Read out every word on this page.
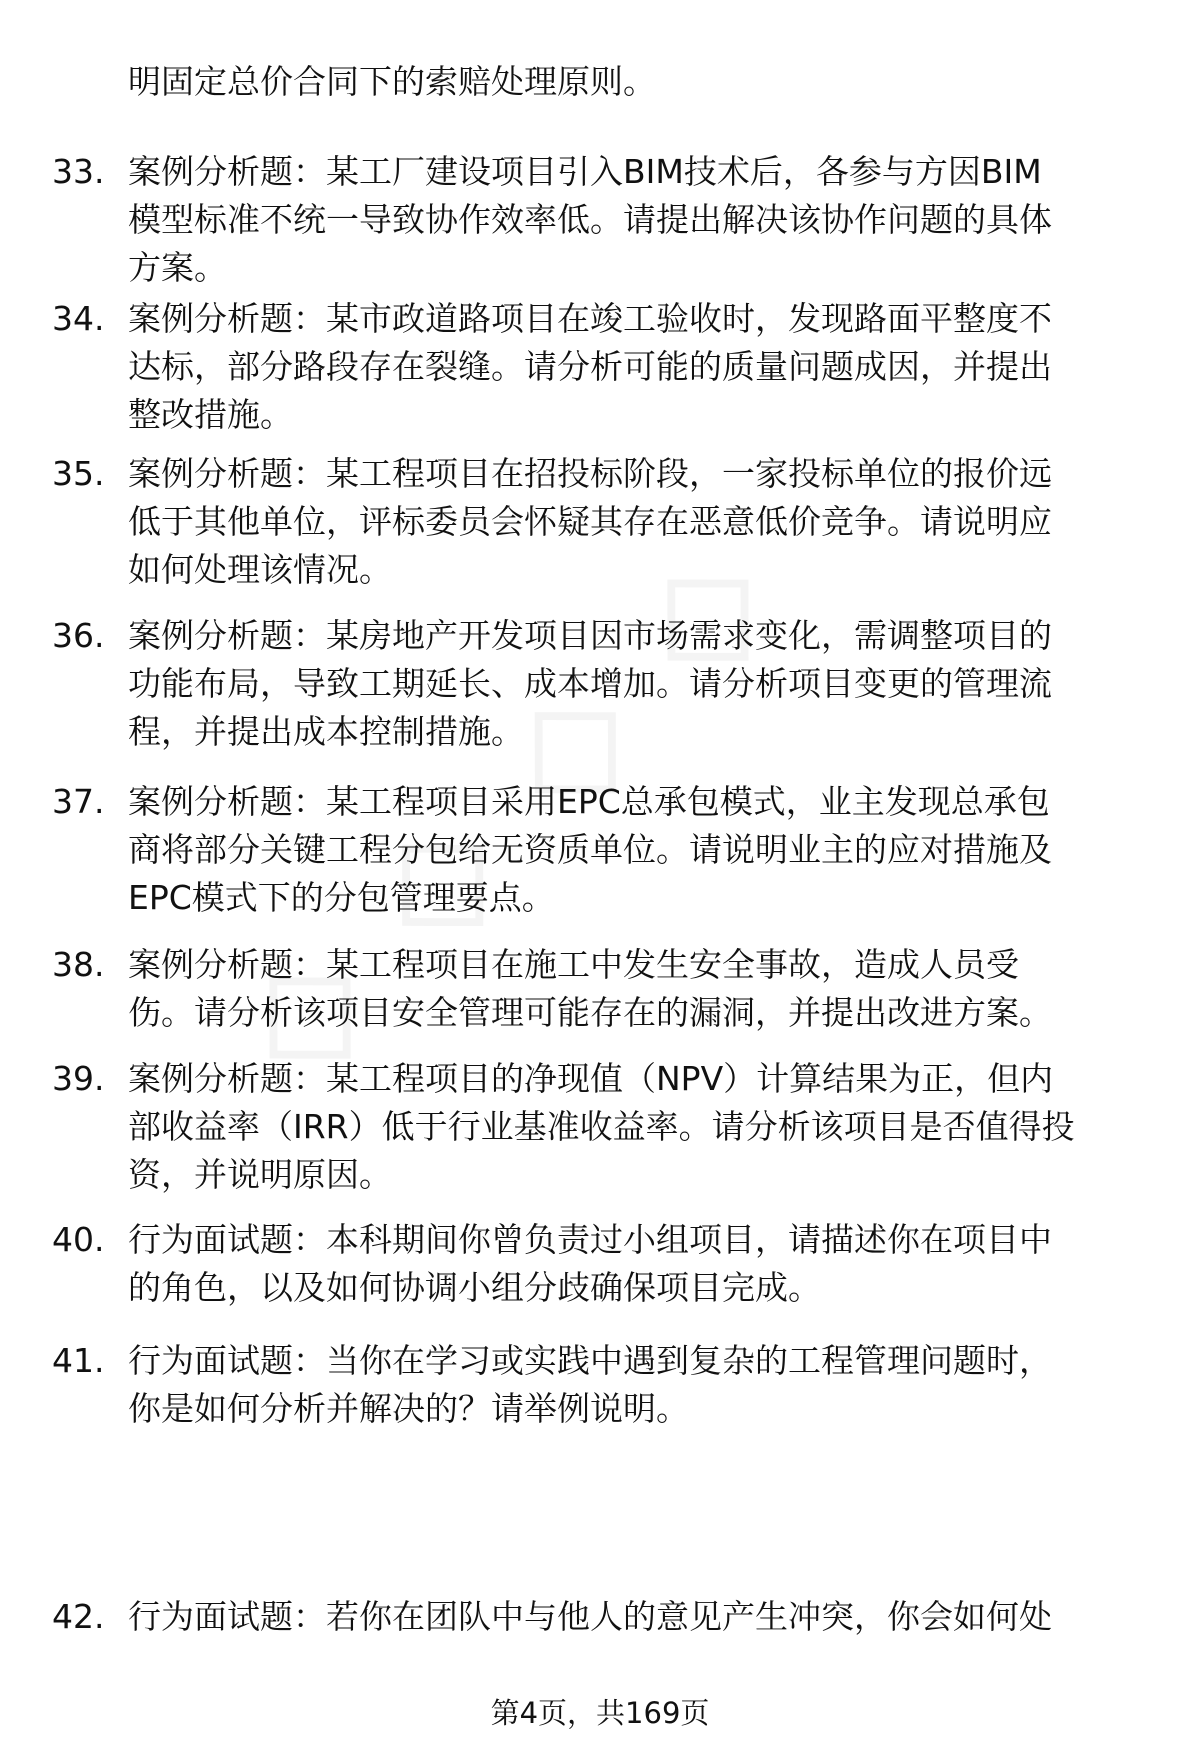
明固定总价合同下的索赔处理原则。
33. 案例分析题：某工厂建设项目引入BIM技术后，各参与方因BIM
模型标准不统一导致协作效率低。请提出解决该协作问题的具体
方案。
34. 案例分析题：某市政道路项目在竣工验收时，发现路面平整度不
达标，部分路段存在裂缝。请分析可能的质量问题成因，并提出
整改措施。
35. 案例分析题：某工程项目在招投标阶段，一家投标单位的报价远
低于其他单位，评标委员会怀疑其存在恶意低价竞争。请说明应
如何处理该情况。
36. 案例分析题：某房地产开发项目因市场需求变化，需调整项目的
功能布局，导致工期延长、成本增加。请分析项目变更的管理流
程，并提出成本控制措施。
37. 案例分析题：某工程项目采用EPC总承包模式，业主发现总承包
商将部分关键工程分包给无资质单位。请说明业主的应对措施及
EPC模式下的分包管理要点。
38. 案例分析题：某工程项目在施工中发生安全事故，造成人员受
伤。请分析该项目安全管理可能存在的漏洞，并提出改进方案。
39. 案例分析题：某工程项目的净现值（NPV）计算结果为正，但内
部收益率（IRR）低于行业基准收益率。请分析该项目是否值得投
资，并说明原因。
40. 行为面试题：本科期间你曾负责过小组项目，请描述你在项目中
的角色，以及如何协调小组分歧确保项目完成。
41. 行为面试题：当你在学习或实践中遇到复杂的工程管理问题时，
你是如何分析并解决的？请举例说明。
42. 行为面试题：若你在团队中与他人的意见产生冲突，你会如何处
第4页，共169页
